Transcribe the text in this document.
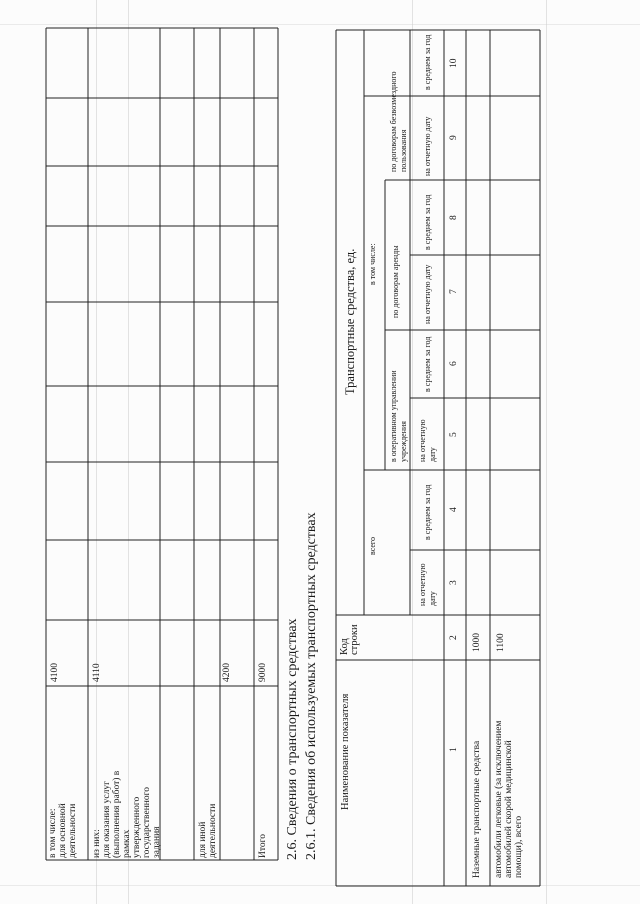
в том числе:
для основной
деятельности
4100
из них:
для оказания услуг
(выполнения работ) в
рамках
утвержденного
государственного
задания
4110
для иной
деятельности
4200
Итого
9000 2.6. Сведения о транспортных средствах 2.6.1. Сведения об используемых транспортных средствах Наименование показателя
Код
строки
Транспортные средства, ед.
всего
в том числе:
в оперативном управлении
учреждения
по договорам аренды
по договорам безвозмездного
пользования
на отчетную
дату
в среднем за год
на отчетную
дату
в среднем за год
на отчетную дату
в среднем за год
на отчетную дату
в среднем за год
1
2
3
4
5
6
7
8
9
10
Наземные транспортные средства
1000
автомобили легковые (за исключением
автомобилей скорой медицинской
помощи), всего
1100
